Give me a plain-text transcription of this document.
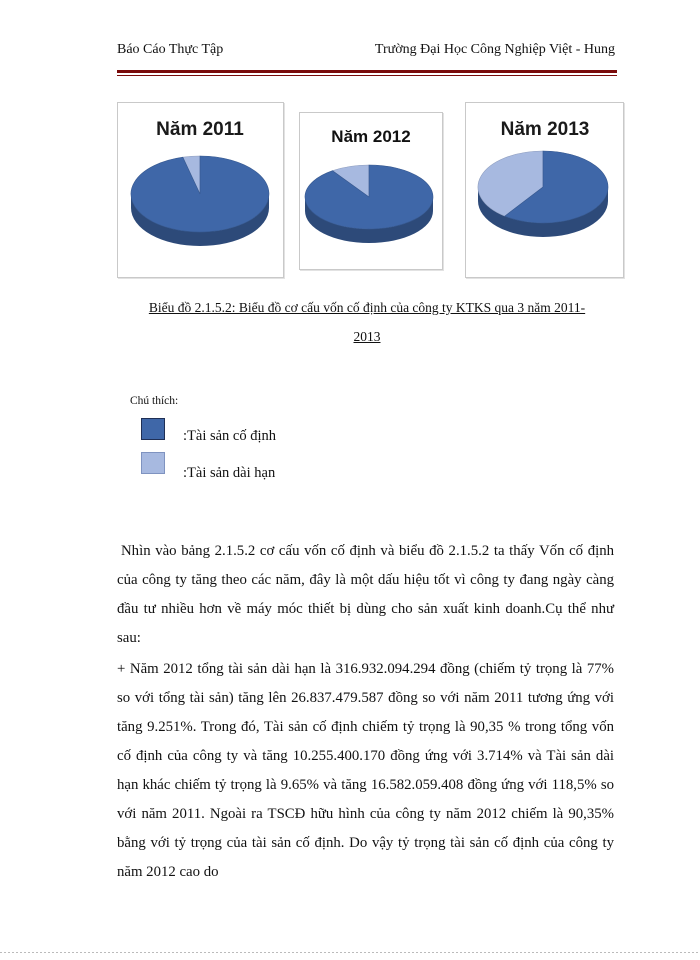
Báo Cáo Thực Tập	Trường Đại Học Công Nghiệp Việt - Hung
Năm 2011	Năm 2012	Năm 2013
Biểu đồ 2.1.5.2: Biểu đồ cơ cấu vốn cố định của công ty KTKS qua 3 năm 2011-
2013
Chú thích:
:Tài sản cố định
:Tài sản dài hạn

Nhìn vào bảng 2.1.5.2 cơ cấu vốn cố định và biểu đồ 2.1.5.2 ta thấy Vốn cố định của công ty tăng theo các năm, đây là một dấu hiệu tốt vì công ty đang ngày càng đầu tư nhiều hơn về máy móc thiết bị dùng cho sản xuất kinh doanh.Cụ thể như sau:

+ Năm 2012 tổng tài sản dài hạn là 316.932.094.294 đồng (chiếm tỷ trọng là 77% so với tổng tài sản) tăng lên 26.837.479.587 đồng so với năm 2011 tương ứng với tăng 9.251%. Trong đó, Tài sản cố định chiếm tỷ trọng là 90,35 % trong tổng vốn cố định của công ty và tăng 10.255.400.170 đồng ứng với 3.714% và Tài sản dài hạn khác chiếm tỷ trọng là 9.65% và tăng 16.582.059.408 đồng ứng với 118,5% so với năm 2011. Ngoài ra TSCĐ hữu hình của công ty năm 2012 chiếm là 90,35% bằng với tỷ trọng của tài sản cố định. Do vậy tỷ trọng tài sản cố định của công ty năm 2012 cao do
